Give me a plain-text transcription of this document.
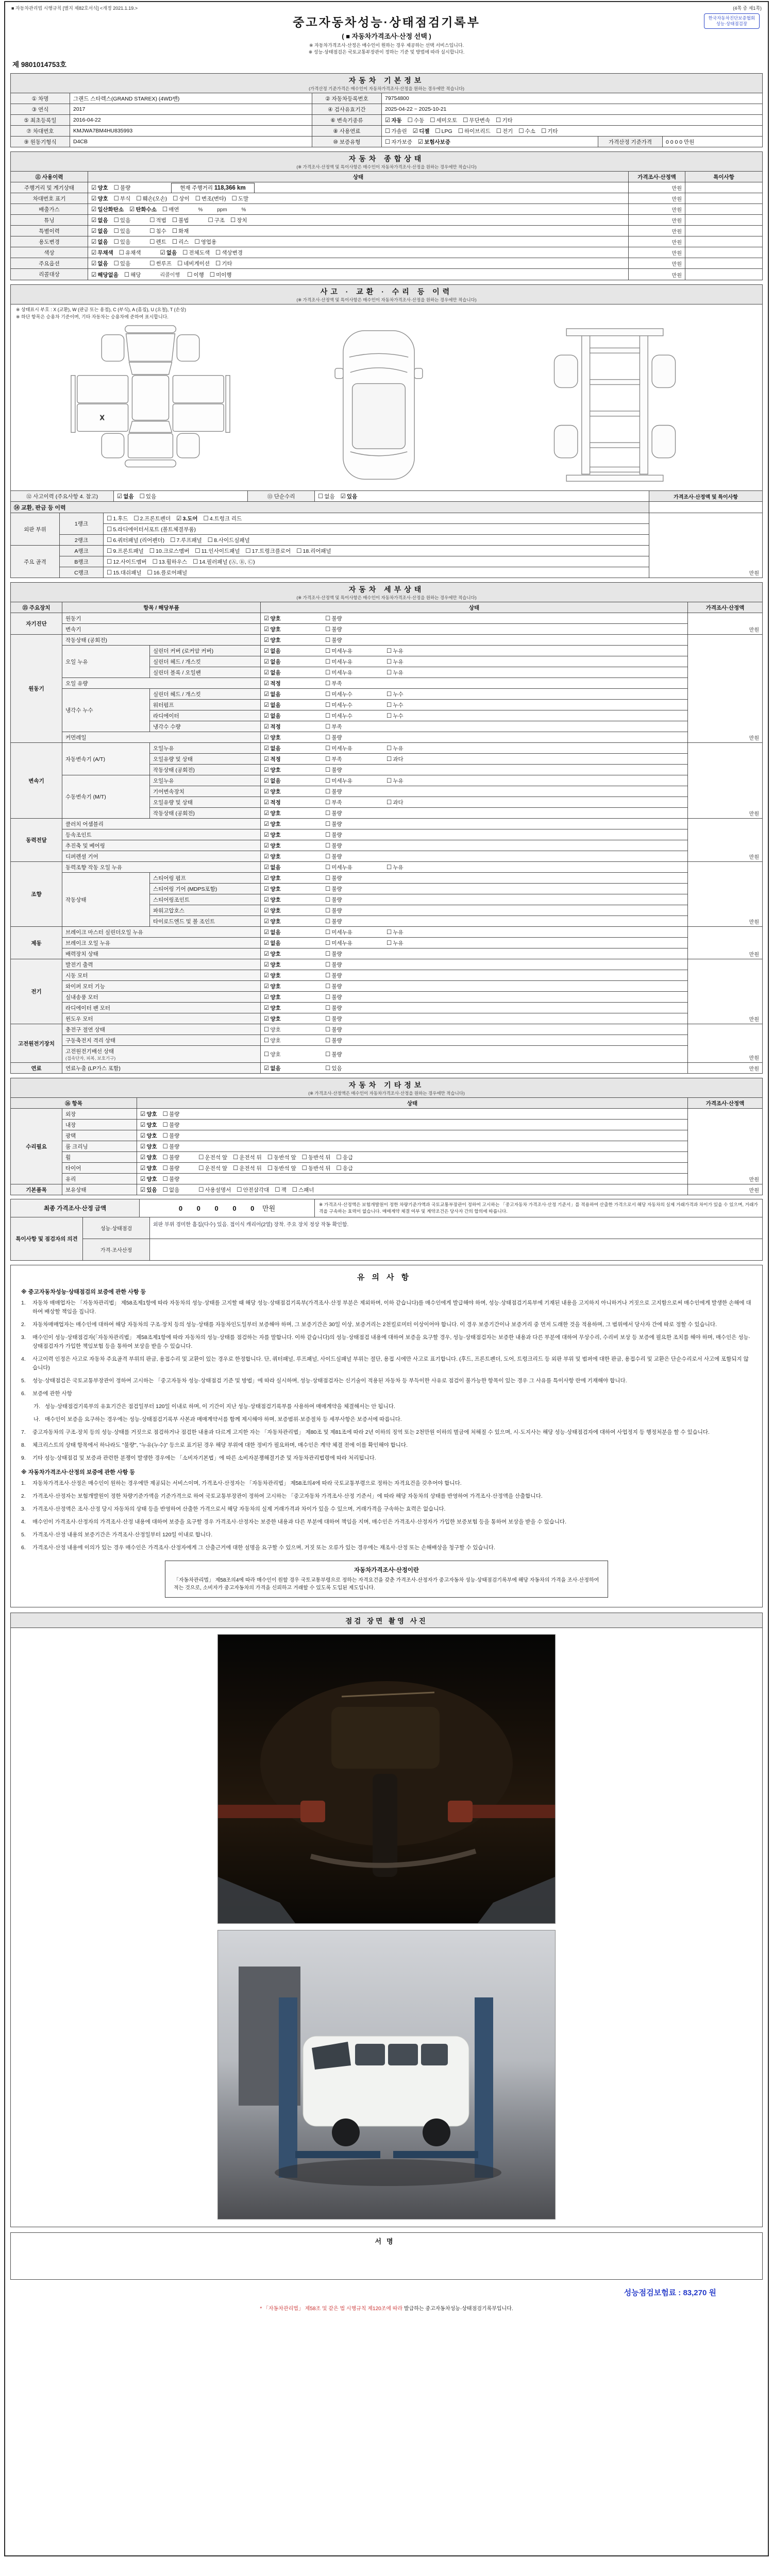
■ 자동차관리법 시행규칙 [별지 제82호서식] <개정 2021.1.19.>	(4쪽 중 제1쪽)
한국자동차진단보증협회
성능·상태점검장
중고자동차성능·상태점검기록부
( ■ 자동차가격조사·산정 선택 )
※ 자동차가격조사·산정은 매수인이 원하는 경우 제공하는 선택 서비스입니다.
※ 성능·상태점검은 국토교통부장관이 정하는 기준 및 방법에 따라 실시합니다.
제 9801014753호
자동차 기본정보
(가격산정 기준가격은 매수인이 자동차가격조사·산정을 원하는 경우에만 적습니다)
① 차명	그랜드 스타렉스(GRAND STAREX) (4WD밴)	② 자동차등록번호	79754800		
③ 연식	2017	④ 검사유효기간	2025-04-22 ~ 2025-10-21		
⑤ 최초등록일	2016-04-22	⑥ 변속기종류	☑ 자동 ☐ 수동 ☐ 세미오토 ☐ 무단변속 ☐ 기타		
⑦ 차대번호	KMJWA7BM4HU835993	⑧ 사용연료	☐ 가솔린 ☑ 디젤 ☐ LPG ☐ 하이브리드 ☐ 전기 ☐ 수소 ☐ 기타		
⑨ 원동기형식	D4CB	⑩ 보증유형	☐ 자가보증 ☑ 보험사보증	가격산정 기준가격	0 0 0 0 만원
자동차 종합상태
(※ 가격조사·산정액 및 특이사항은 매수인이 자동차가격조사·산정을 원하는 경우에만 적습니다)
⑪ 사용이력	상태	가격조사·산정액	특이사항
주행거리 및 계기상태	☑ 양호 ☐ 불량 현재 주행거리 118,366 km	만원	
차대번호 표기	☑ 양호 ☐ 부식 ☐ 훼손(오손) ☐ 상이 ☐ 변조(변타) ☐ 도말	만원	
배출가스	☑ 일산화탄소 ☑ 탄화수소 ☐ 매연 %          ppm          %	만원	
튜닝	☑ 없음 ☐ 있음 ☐ 적법 ☐ 불법 ☐ 구조 ☐ 장치	만원	
특별이력	☑ 없음 ☐ 있음 ☐ 침수 ☐ 화재	만원	
용도변경	☑ 없음 ☐ 있음 ☐ 렌트 ☐ 리스 ☐ 영업용	만원	
색상	☑ 무채색 ☐ 유채색 ☑ 없음 ☐ 전체도색 ☐ 색상변경	만원	
주요옵션	☑ 없음 ☐ 있음 ☐ 썬루프 ☐ 네비게이션 ☐ 기타	만원	
리콜대상	☑ 해당없음 ☐ 해당 리콜이행 ☐ 이행 ☐ 미이행	만원	
사고 · 교환 · 수리 등 이력
(※ 가격조사·산정액 및 특이사항은 매수인이 자동차가격조사·산정을 원하는 경우에만 적습니다)
※ 상태표시 부호 : X (교환), W (판금 또는 용접), C (부식), A (흠집), U (요철), T (손상)
※ 하단 항목은 승용차 기준이며, 기타 자동차는 승용차에 준하여 표시합니다.
X
⑫ 사고이력 (주요사항 4. 참고)	☑ 없음 ☐ 있음	⑬ 단순수리	☐ 없음 ☑ 있음	가격조사·산정액 및 특이사항
⑭ 교환, 판금 등 이력			
외판 부위	1랭크	☐ 1.후드 ☐ 2.프론트펜더 ☑ 3.도어 ☐ 4.트렁크 리드	만원
		☐ 5.라디에이터서포트 (볼트체결부품)	
	2랭크	☐ 6.쿼터패널 (리어펜더) ☐ 7.루프패널 ☐ 8.사이드실패널	
주요 골격	A랭크	☐ 9.프론트패널 ☐ 10.크로스멤버 ☐ 11.인사이드패널 ☐ 17.트렁크플로어 ☐ 18.리어패널	
	B랭크	☐ 12.사이드멤버 ☐ 13.휠하우스 ☐ 14.필러패널 (Ⓐ, Ⓑ, Ⓒ)	
	C랭크	☐ 15.대쉬패널 ☐ 16.플로어패널	
자동차 세부상태
(※ 가격조사·산정액 및 특이사항은 매수인이 자동차가격조사·산정을 원하는 경우에만 적습니다)
⑮ 주요장치	항목 / 해당부품		상태	가격조사·산정액
자기진단	원동기		☑ 양호 ☐ 불량	만원
	변속기		☑ 양호 ☐ 불량	
원동기	작동상태 (공회전)		☑ 양호 ☐ 불량	만원
	오일 누유	실린더 커버 (로커암 커버)	☑ 없음 ☐ 미세누유 ☐ 누유	
		실린더 헤드 / 개스킷	☑ 없음 ☐ 미세누유 ☐ 누유	
		실린더 블록 / 오일팬	☑ 없음 ☐ 미세누유 ☐ 누유	
	오일 유량		☑ 적정 ☐ 부족	
	냉각수 누수	실린더 헤드 / 개스킷	☑ 없음 ☐ 미세누수 ☐ 누수	
		워터펌프	☑ 없음 ☐ 미세누수 ☐ 누수	
		라디에이터	☑ 없음 ☐ 미세누수 ☐ 누수	
		냉각수 수량	☑ 적정 ☐ 부족	
	커먼레일		☑ 양호 ☐ 불량	
변속기	자동변속기 (A/T)	오일누유	☑ 없음 ☐ 미세누유 ☐ 누유	만원
		오일유량 및 상태	☑ 적정 ☐ 부족 ☐ 과다	
		작동상태 (공회전)	☑ 양호 ☐ 불량	
	수동변속기 (M/T)	오일누유	☑ 없음 ☐ 미세누유 ☐ 누유	
		기어변속장치	☑ 양호 ☐ 불량	
		오일유량 및 상태	☑ 적정 ☐ 부족 ☐ 과다	
		작동상태 (공회전)	☑ 양호 ☐ 불량	
동력전달	클러치 어셈블리		☑ 양호 ☐ 불량	만원
	등속조인트		☑ 양호 ☐ 불량	
	추진축 및 베어링		☑ 양호 ☐ 불량	
	디퍼렌셜 기어		☑ 양호 ☐ 불량	
조향	동력조향 작동 오일 누유		☑ 없음 ☐ 미세누유 ☐ 누유	만원
	작동상태	스티어링 펌프	☑ 양호 ☐ 불량	
		스티어링 기어 (MDPS포함)	☑ 양호 ☐ 불량	
		스티어링조인트	☑ 양호 ☐ 불량	
		파워고압호스	☑ 양호 ☐ 불량	
		타이로드엔드 및 볼 조인트	☑ 양호 ☐ 불량	
제동	브레이크 마스터 실린더오일 누유		☑ 없음 ☐ 미세누유 ☐ 누유	만원
	브레이크 오일 누유		☑ 없음 ☐ 미세누유 ☐ 누유	
	배력장치 상태		☑ 양호 ☐ 불량	
전기	발전기 출력		☑ 양호 ☐ 불량	만원
	시동 모터		☑ 양호 ☐ 불량	
	와이퍼 모터 기능		☑ 양호 ☐ 불량	
	실내송풍 모터		☑ 양호 ☐ 불량	
	라디에이터 팬 모터		☑ 양호 ☐ 불량	
	윈도우 모터		☑ 양호 ☐ 불량	
고전원전기장치	충전구 절연 상태		☐ 양호 ☐ 불량	만원
	구동축전지 격리 상태		☐ 양호 ☐ 불량	
	고전원전기배선 상태
(접속단자, 피복, 보호기구)		☐ 양호 ☐ 불량	
연료	연료누출 (LP가스 포함)		☑ 없음 ☐ 있음	만원
자동차 기타정보
(※ 가격조사·산정액은 매수인이 자동차가격조사·산정을 원하는 경우에만 적습니다)
⑯ 항목		상태	가격조사·산정액
수리필요	외장	☑ 양호 ☐ 불량	만원
	내장	☑ 양호 ☐ 불량	
	광택	☑ 양호 ☐ 불량	
	룸 크리닝	☑ 양호 ☐ 불량	
	휠	☑ 양호 ☐ 불량 ☐ 운전석 앞 ☐ 운전석 뒤 ☐ 동반석 앞 ☐ 동반석 뒤 ☐ 응급	
	타이어	☑ 양호 ☐ 불량 ☐ 운전석 앞 ☐ 운전석 뒤 ☐ 동반석 앞 ☐ 동반석 뒤 ☐ 응급	
	유리	☑ 양호 ☐ 불량	
기본품목	보유상태	☑ 있음 ☐ 없음 ☐ 사용설명서 ☐ 안전삼각대 ☐ 잭 ☐ 스패너	만원
최종 가격조사·산정 금액	0 0 0 0 0 만원	※ 가격조사·산정액은 보험개발원이 정한 차량기준가액과 국토교통부장관이 정하여 고시하는 「중고자동차 가격조사·산정 기준서」를 적용하여 산출한 가격으로서 해당 자동차의 실제 거래가격과 차이가 있을 수 있으며, 거래가격을 구속하는 효력이 없습니다. 매매계약 체결 여부 및 계약조건은 당사자 간의 합의에 따릅니다.
특이사항 및 점검자의 의견	성능·상태점검	외판 부위 경미한 흠집(다수) 있음. 접이식 캐리어(2열) 장착. 주요 장치 정상 작동 확인함.
	가격·조사산정	
유의사항
※ 중고자동차성능·상태점검의 보증에 관한 사항 등
1.	자동차 매매업자는 「자동차관리법」 제58조제1항에 따라 자동차의 성능·상태를 고지할 때 해당 성능·상태점검기록부(가격조사·산정 부분은 제외하며, 이하 같습니다)를 매수인에게 발급해야 하며, 성능·상태점검기록부에 기재된 내용을 고지하지 아니하거나 거짓으로 고지함으로써 매수인에게 발생한 손해에 대하여 배상할 책임을 집니다.
2.	자동차매매업자는 매수인에 대하여 해당 자동차의 구조·장치 등의 성능·상태를 자동차인도일부터 보증해야 하며, 그 보증기간은 30일 이상, 보증거리는 2천킬로미터 이상이어야 합니다. 이 경우 보증기간이나 보증거리 중 먼저 도래한 것을 적용하며, 그 범위에서 당사자 간에 따로 정할 수 있습니다.
3.	매수인이 성능·상태점검자(「자동차관리법」 제58조제1항에 따라 자동차의 성능·상태를 점검하는 자를 말합니다. 이하 같습니다)의 성능·상태점검 내용에 대하여 보증을 요구할 경우, 성능·상태점검자는 보증한 내용과 다른 부분에 대하여 무상수리, 수리비 보상 등 보증에 필요한 조치를 해야 하며, 매수인은 성능·상태점검자가 가입한 책임보험 등을 통하여 보상을 받을 수 있습니다.
4.	사고이력 인정은 사고로 자동차 주요골격 부위의 판금, 용접수리 및 교환이 있는 경우로 한정합니다. 단, 쿼터패널, 루프패널, 사이드실패널 부위는 절단, 용접 시에만 사고로 표기합니다. (후드, 프론트펜더, 도어, 트렁크리드 등 외판 부위 및 범퍼에 대한 판금, 용접수리 및 교환은 단순수리로서 사고에 포함되지 않습니다)
5.	성능·상태점검은 국토교통부장관이 정하여 고시하는 「중고자동차 성능·상태점검 기준 및 방법」에 따라 실시하며, 성능·상태점검자는 신기술이 적용된 자동차 등 부득이한 사유로 점검이 불가능한 항목이 있는 경우 그 사유를 특이사항 란에 기재해야 합니다.
6.	보증에 관한 사항
가. 성능·상태점검기록부의 유효기간은 점검일부터 120일 이내로 하며, 이 기간이 지난 성능·상태점검기록부를 사용하여 매매계약을 체결해서는 안 됩니다.
나. 매수인이 보증을 요구하는 경우에는 성능·상태점검기록부 사본과 매매계약서를 함께 제시해야 하며, 보증범위·보증절차 등 세부사항은 보증서에 따릅니다.
7.	중고자동차의 구조·장치 등의 성능·상태를 거짓으로 점검하거나 점검한 내용과 다르게 고지한 자는 「자동차관리법」 제80조 및 제81조에 따라 2년 이하의 징역 또는 2천만원 이하의 벌금에 처해질 수 있으며, 시·도지사는 해당 성능·상태점검자에 대하여 사업정지 등 행정처분을 할 수 있습니다.
8.	체크리스트의 상태 항목에서 하나라도 "불량", "누유(누수)" 등으로 표기된 경우 해당 부위에 대한 정비가 필요하며, 매수인은 계약 체결 전에 이를 확인해야 합니다.
9.	기타 성능·상태점검 및 보증과 관련한 분쟁이 발생한 경우에는 「소비자기본법」에 따른 소비자분쟁해결기준 및 자동차관리법령에 따라 처리됩니다.
※ 자동차가격조사·산정의 보증에 관한 사항 등
1.	자동차가격조사·산정은 매수인이 원하는 경우에만 제공되는 서비스이며, 가격조사·산정자는 「자동차관리법」 제58조의4에 따라 국토교통부령으로 정하는 자격요건을 갖추어야 합니다.
2.	가격조사·산정자는 보험개발원이 정한 차량기준가액을 기준가격으로 하여 국토교통부장관이 정하여 고시하는 「중고자동차 가격조사·산정 기준서」에 따라 해당 자동차의 상태를 반영하여 가격조사·산정액을 산출합니다.
3.	가격조사·산정액은 조사·산정 당시 자동차의 상태 등을 반영하여 산출한 가격으로서 해당 자동차의 실제 거래가격과 차이가 있을 수 있으며, 거래가격을 구속하는 효력은 없습니다.
4.	매수인이 가격조사·산정자의 가격조사·산정 내용에 대하여 보증을 요구할 경우 가격조사·산정자는 보증한 내용과 다른 부분에 대하여 책임을 지며, 매수인은 가격조사·산정자가 가입한 보증보험 등을 통하여 보상을 받을 수 있습니다.
5.	가격조사·산정 내용의 보증기간은 가격조사·산정일부터 120일 이내로 합니다.
6.	가격조사·산정 내용에 이의가 있는 경우 매수인은 가격조사·산정자에게 그 산출근거에 대한 설명을 요구할 수 있으며, 거짓 또는 오류가 있는 경우에는 재조사·산정 또는 손해배상을 청구할 수 있습니다.
자동차가격조사·산정이란
「자동차관리법」 제58조의4에 따라 매수인이 원할 경우 국토교통부령으로 정하는 자격요건을 갖춘 가격조사·산정자가 중고자동차 성능·상태점검기록부에 해당 자동차의 가격을 조사·산정하여 적는 것으로, 소비자가 중고자동차의 가격을 신뢰하고 거래할 수 있도록 도입된 제도입니다.
점검 장면 촬영 사진
서명
성능점검보험료 : 83,270 원
* 「자동차관리법」 제58조 및 같은 법 시행규칙 제120조에 따라 발급하는 중고자동차성능·상태점검기록부입니다.
